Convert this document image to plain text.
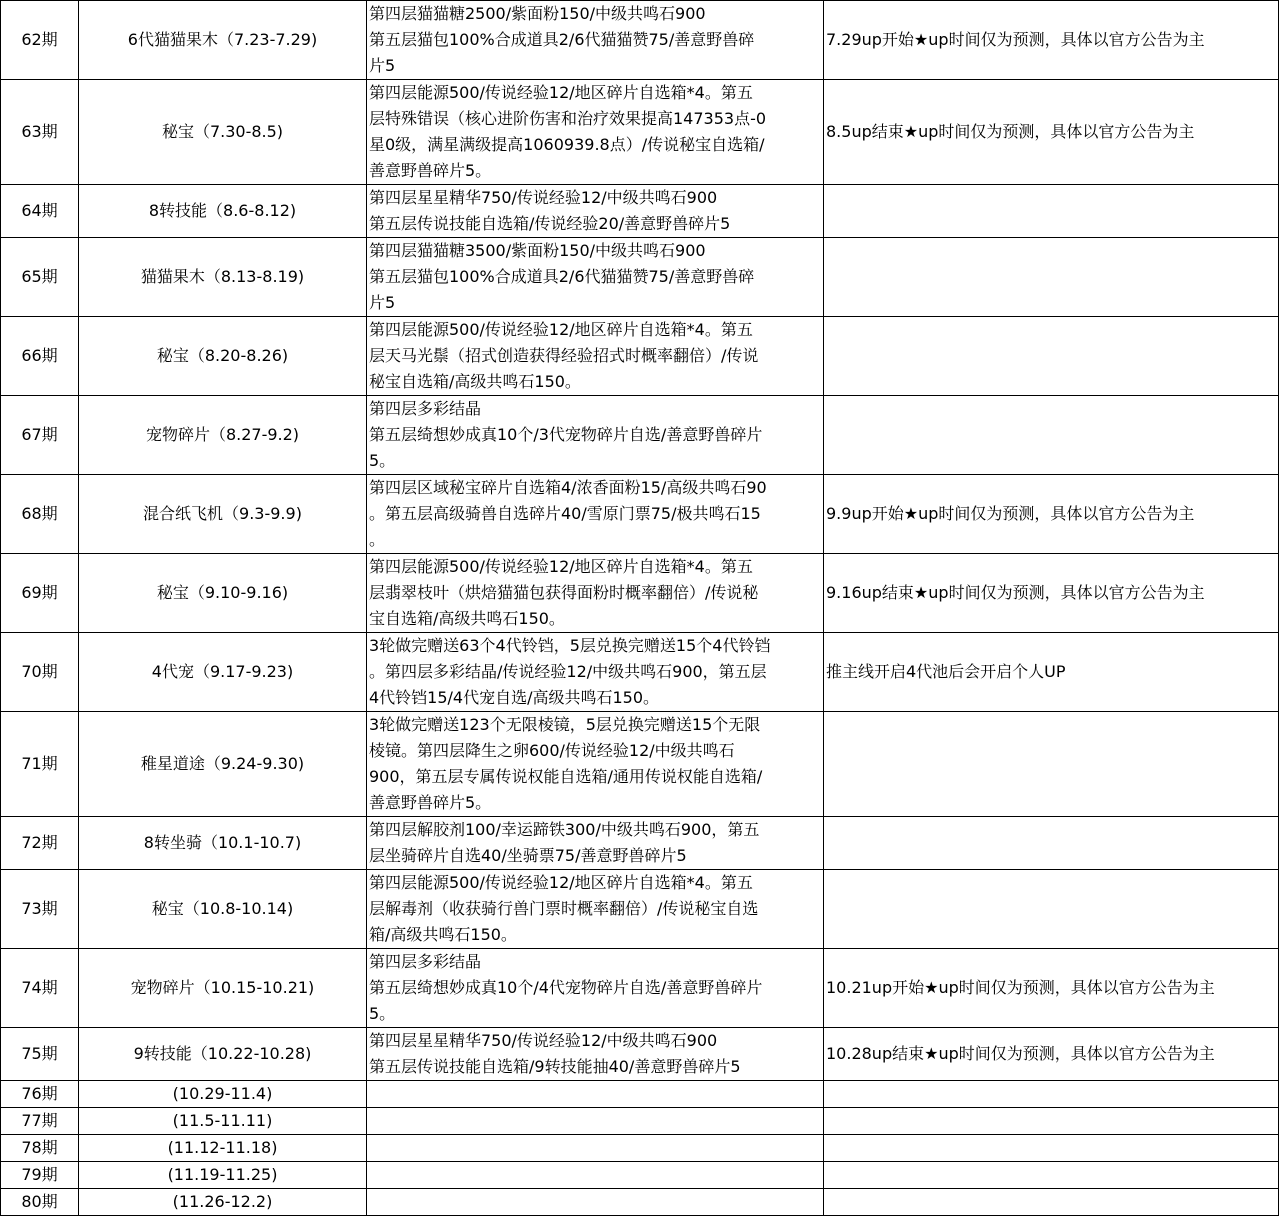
62期	6代猫猫果木（7.23-7.29)	第四层猫猫糖2500/紫面粉150/中级共鸣石900
第五层猫包100%合成道具2/6代猫猫赞75/善意野兽碎
片5	7.29up开始★up时间仅为预测，具体以官方公告为主
63期	秘宝（7.30-8.5)	第四层能源500/传说经验12/地区碎片自选箱*4。第五
层特殊错误（核心进阶伤害和治疗效果提高147353点-0
星0级，满星满级提高1060939.8点）/传说秘宝自选箱/
善意野兽碎片5。	8.5up结束★up时间仅为预测，具体以官方公告为主
64期	8转技能（8.6-8.12)	第四层星星精华750/传说经验12/中级共鸣石900
第五层传说技能自选箱/传说经验20/善意野兽碎片5	
65期	猫猫果木（8.13-8.19)	第四层猫猫糖3500/紫面粉150/中级共鸣石900
第五层猫包100%合成道具2/6代猫猫赞75/善意野兽碎
片5	
66期	秘宝（8.20-8.26)	第四层能源500/传说经验12/地区碎片自选箱*4。第五
层天马光鬃（招式创造获得经验招式时概率翻倍）/传说
秘宝自选箱/高级共鸣石150。	
67期	宠物碎片（8.27-9.2)	第四层多彩结晶
第五层绮想妙成真10个/3代宠物碎片自选/善意野兽碎片
5。	
68期	混合纸飞机（9.3-9.9)	第四层区域秘宝碎片自选箱4/浓香面粉15/高级共鸣石90
。第五层高级骑兽自选碎片40/雪原门票75/极共鸣石15
。	9.9up开始★up时间仅为预测，具体以官方公告为主
69期	秘宝（9.10-9.16)	第四层能源500/传说经验12/地区碎片自选箱*4。第五
层翡翠枝叶（烘焙猫猫包获得面粉时概率翻倍）/传说秘
宝自选箱/高级共鸣石150。	9.16up结束★up时间仅为预测，具体以官方公告为主
70期	4代宠（9.17-9.23)	3轮做完赠送63个4代铃铛，5层兑换完赠送15个4代铃铛
。第四层多彩结晶/传说经验12/中级共鸣石900，第五层
4代铃铛15/4代宠自选/高级共鸣石150。	推主线开启4代池后会开启个人UP
71期	稚星道途（9.24-9.30)	3轮做完赠送123个无限棱镜，5层兑换完赠送15个无限
棱镜。第四层降生之卵600/传说经验12/中级共鸣石
900，第五层专属传说权能自选箱/通用传说权能自选箱/
善意野兽碎片5。	
72期	8转坐骑（10.1-10.7)	第四层解胶剂100/幸运蹄铁300/中级共鸣石900，第五
层坐骑碎片自选40/坐骑票75/善意野兽碎片5	
73期	秘宝（10.8-10.14)	第四层能源500/传说经验12/地区碎片自选箱*4。第五
层解毒剂（收获骑行兽门票时概率翻倍）/传说秘宝自选
箱/高级共鸣石150。	
74期	宠物碎片（10.15-10.21)	第四层多彩结晶
第五层绮想妙成真10个/4代宠物碎片自选/善意野兽碎片
5。	10.21up开始★up时间仅为预测，具体以官方公告为主
75期	9转技能（10.22-10.28)	第四层星星精华750/传说经验12/中级共鸣石900
第五层传说技能自选箱/9转技能抽40/善意野兽碎片5	10.28up结束★up时间仅为预测，具体以官方公告为主
76期	(10.29-11.4)		
77期	(11.5-11.11)		
78期	(11.12-11.18)		
79期	(11.19-11.25)		
80期	(11.26-12.2)		
